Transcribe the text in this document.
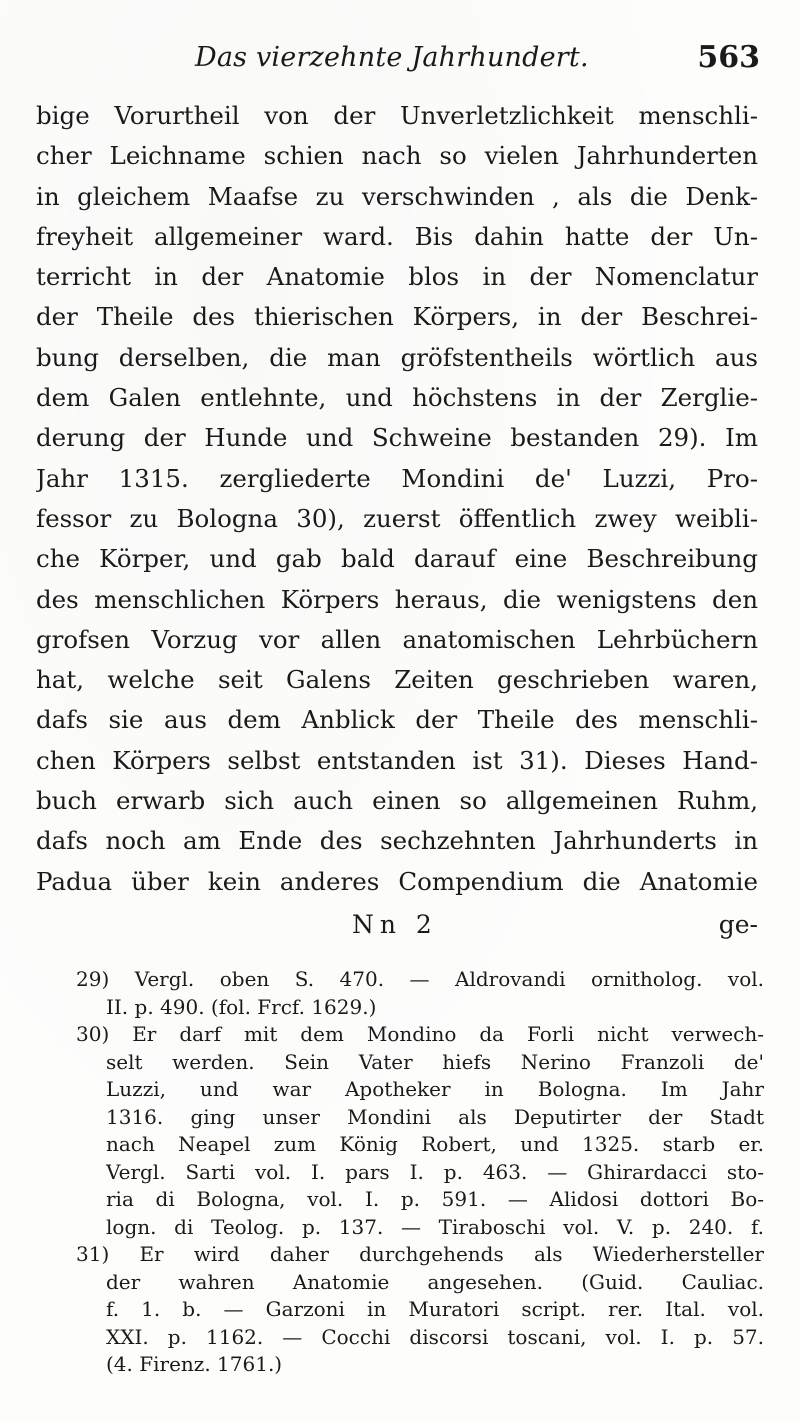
Das vierzehnte Jahrhundert.	563
bige Vorurtheil von der Unverletzlichkeit menschli-
cher Leichname schien nach so vielen Jahrhunderten
in gleichem Maafse zu verschwinden , als die Denk-
freyheit allgemeiner ward. Bis dahin hatte der Un-
terricht in der Anatomie blos in der Nomenclatur
der Theile des thierischen Körpers, in der Beschrei-
bung derselben, die man gröfstentheils wörtlich aus
dem Galen entlehnte, und höchstens in der Zerglie-
derung der Hunde und Schweine bestanden 29). Im
Jahr 1315. zergliederte Mondini de' Luzzi, Pro-
fessor zu Bologna 30), zuerst öffentlich zwey weibli-
che Körper, und gab bald darauf eine Beschreibung
des menschlichen Körpers heraus, die wenigstens den
grofsen Vorzug vor allen anatomischen Lehrbüchern
hat, welche seit Galens Zeiten geschrieben waren,
dafs sie aus dem Anblick der Theile des menschli-
chen Körpers selbst entstanden ist 31). Dieses Hand-
buch erwarb sich auch einen so allgemeinen Ruhm,
dafs noch am Ende des sechzehnten Jahrhunderts in
Padua über kein anderes Compendium die Anatomie
Nn 2	ge-
29) Vergl. oben S. 470. — Aldrovandi ornitholog. vol.
II. p. 490. (fol. Frcf. 1629.)
30) Er darf mit dem Mondino da Forli nicht verwech-
selt werden. Sein Vater hiefs Nerino Franzoli de'
Luzzi, und war Apotheker in Bologna. Im Jahr
1316. ging unser Mondini als Deputirter der Stadt
nach Neapel zum König Robert, und 1325. starb er.
Vergl. Sarti vol. I. pars I. p. 463. — Ghirardacci sto-
ria di Bologna, vol. I. p. 591. — Alidosi dottori Bo-
logn. di Teolog. p. 137. — Tiraboschi vol. V. p. 240. f.
31) Er wird daher durchgehends als Wiederhersteller
der wahren Anatomie angesehen. (Guid. Cauliac.
f. 1. b. — Garzoni in Muratori script. rer. Ital. vol.
XXI. p. 1162. — Cocchi discorsi toscani, vol. I. p. 57.
(4. Firenz. 1761.)
